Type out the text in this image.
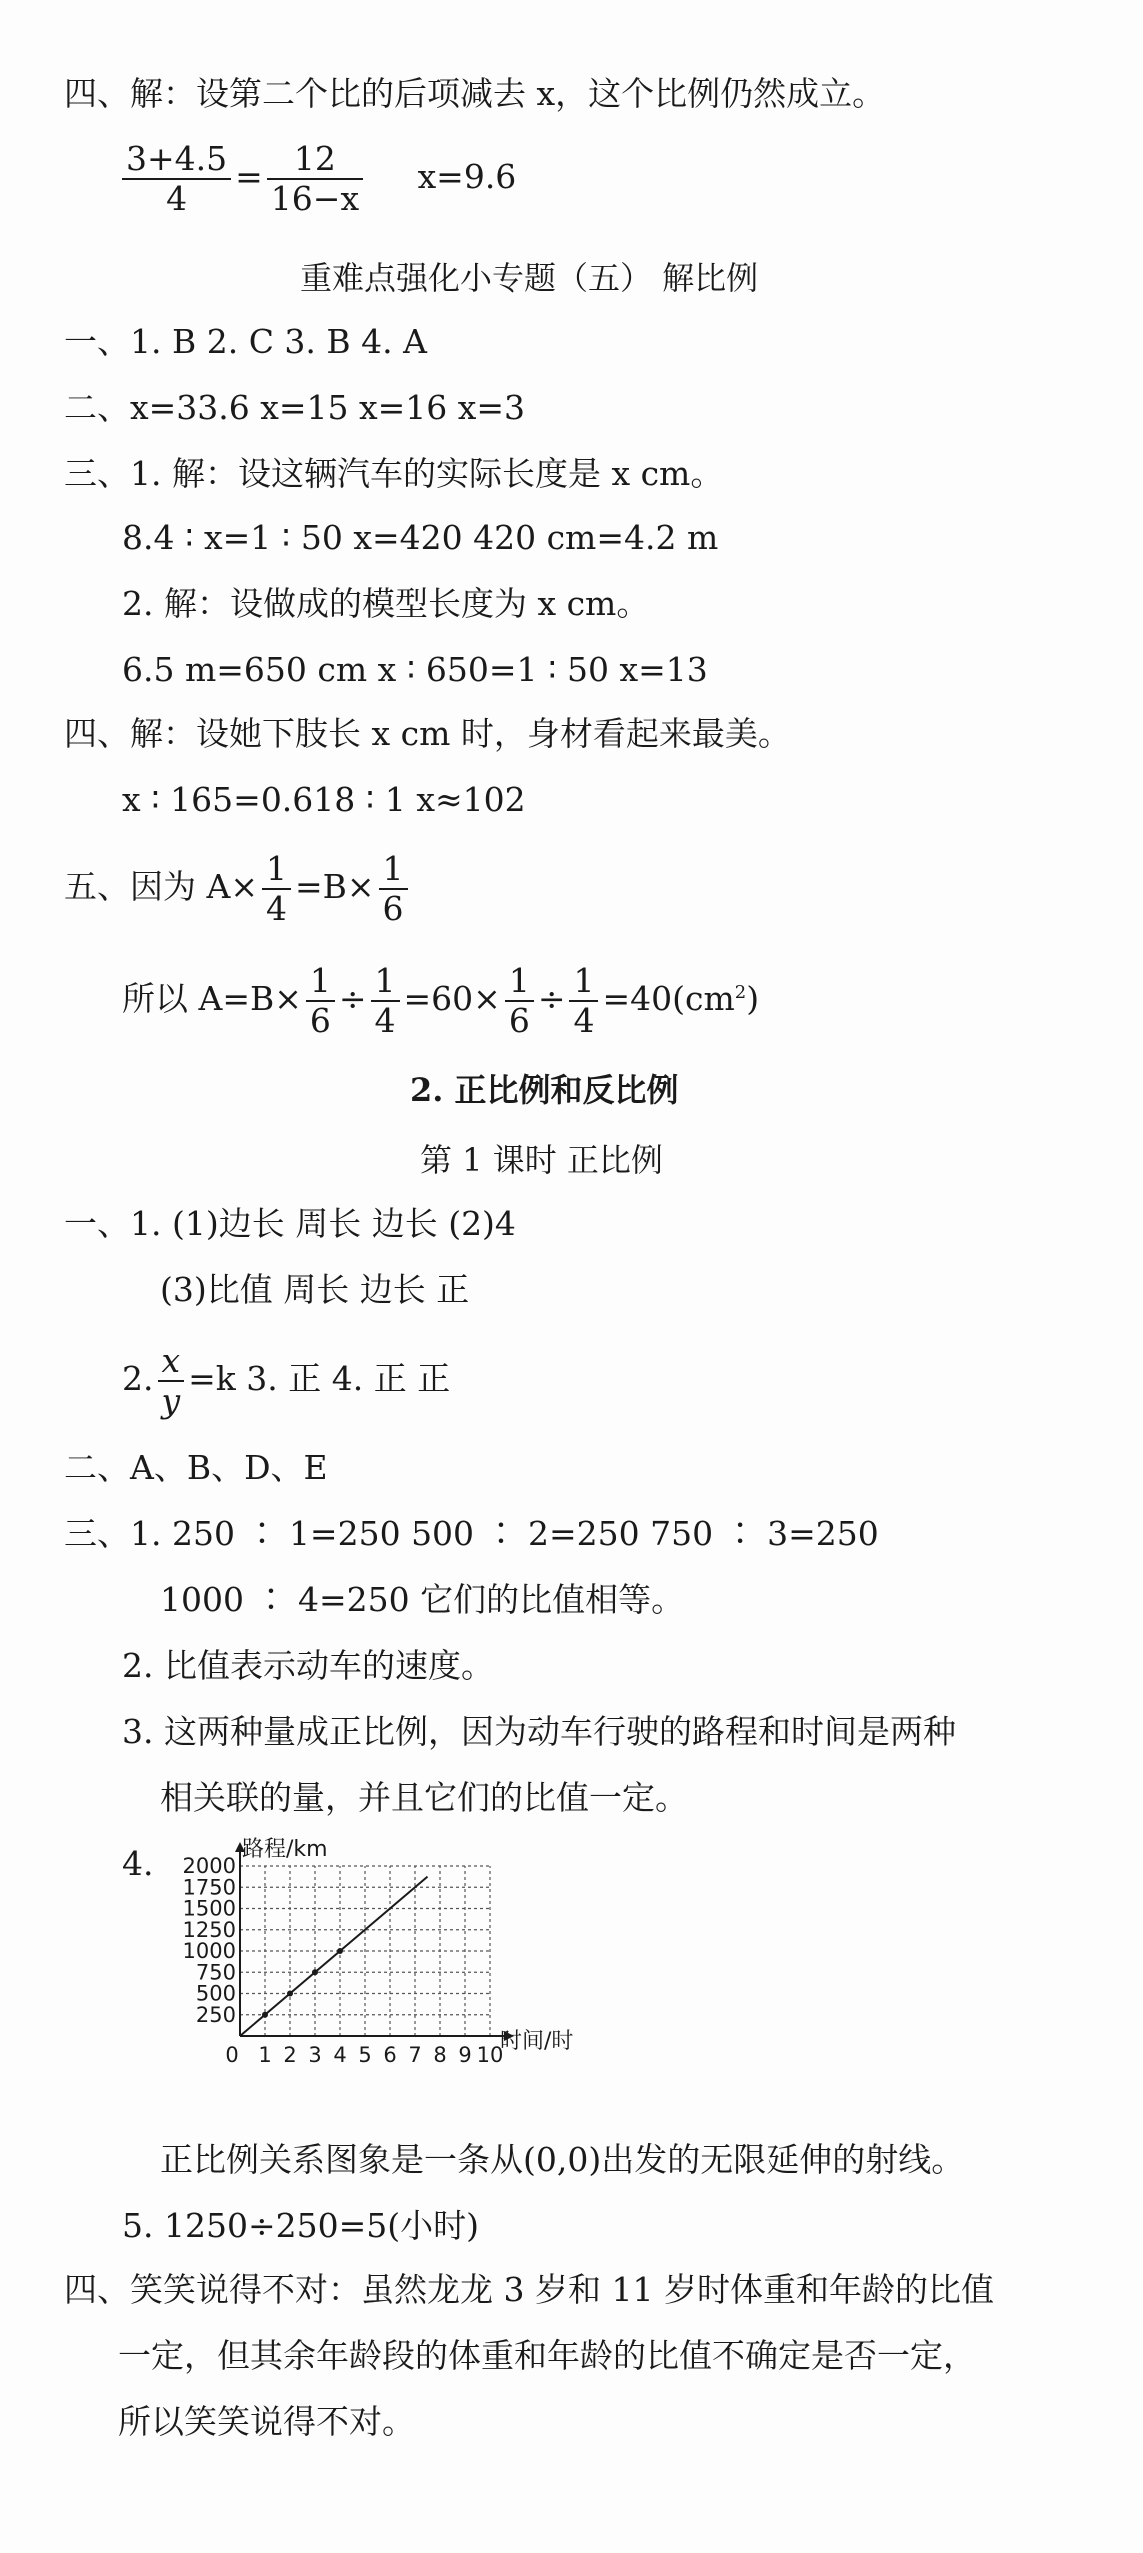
四、解：设第二个比的后项减去 x，这个比例仍然成立。
$\frac{3+4.5}{4} = \frac{12}{16-x} x=9.6$
重难点强化小专题（五） 解比例
一、1. B 2. C 3. B 4. A
二、x=33.6 x=15 x=16 x=3
三、1. 解：设这辆汽车的实际长度是 x cm。
8.4 ∶ x=1 ∶ 50 x=420 420 cm=4.2 m
2. 解：设做成的模型长度为 x cm。
6.5 m=650 cm x ∶ 650=1 ∶ 50 x=13
四、解：设她下肢长 x cm 时，身材看起来最美。
x ∶ 165=0.618 ∶ 1 x≈102
五、因为 $A\times \frac{1}{4} =B\times \frac{1}{6}$
所以 $A=B\times \frac{1}{6} \div \frac{1}{4} =60\times \frac{1}{6} \div \frac{1}{4} =40(cm^2)$
2. 正比例和反比例
第 1 课时 正比例
一、1. (1)边长 周长 边长 (2)4
(3)比值 周长 边长 正
2. $\frac{x}{y} =k$ 3. 正 4. 正 正
二、A、B、D、E
三、1. 250 ∶ 1=250 500 ∶ 2=250 750 ∶ 3=250
1000 ∶ 4=250 它们的比值相等。
2. 比值表示动车的速度。
3. 这两种量成正比例，因为动车行驶的路程和时间是两种
相关联的量，并且它们的比值一定。
4.
250
500
750
1000
1250
1500
1750
2000
0 1 2 3 4 5 6 7 8 9 10
路程/km
时间/时
正比例关系图象是一条从(0,0)出发的无限延伸的射线。
5. 1250÷250=5(小时)
四、笑笑说得不对：虽然龙龙 3 岁和 11 岁时体重和年龄的比值
一定，但其余年龄段的体重和年龄的比值不确定是否一定，
所以笑笑说得不对。
